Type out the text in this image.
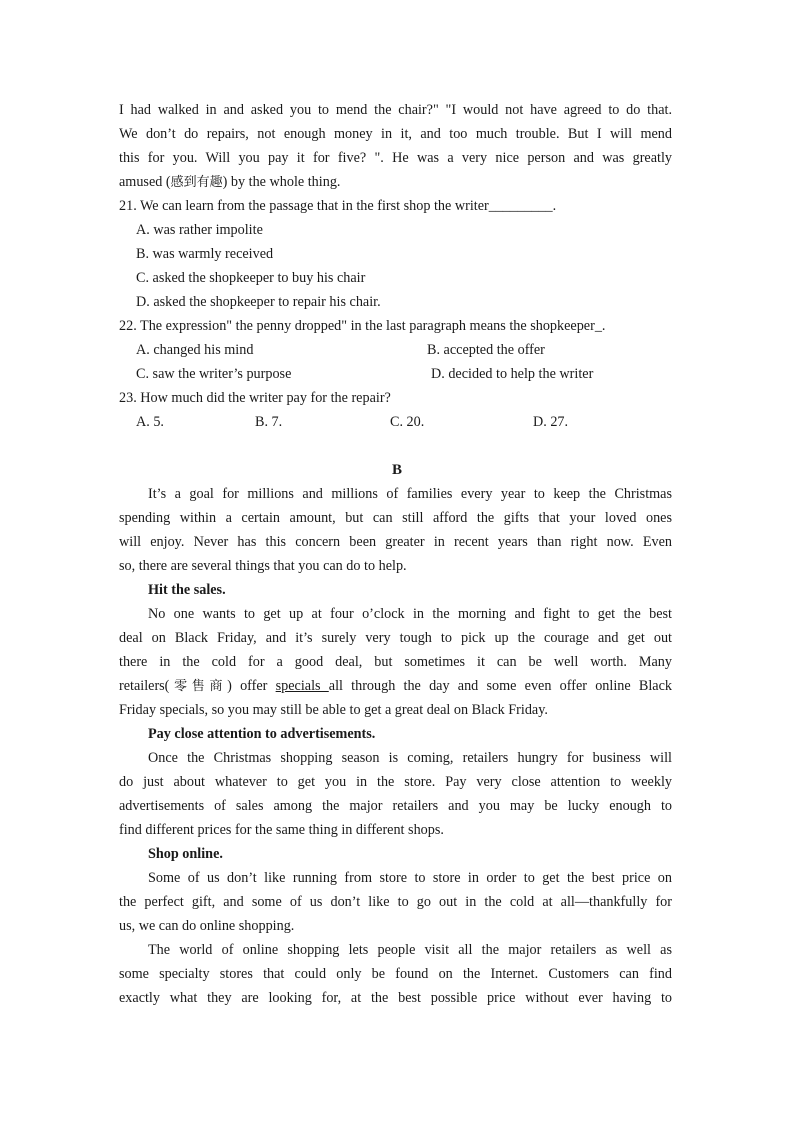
I had walked in and asked you to mend the chair?" "I would not have agreed to do that.
We don’t do repairs, not enough money in it, and too much trouble. But I will mend
this for you. Will you pay it for five? ". He was a very nice person and was greatly
amused (感到有趣) by the whole thing.
21. We can learn from the passage that in the first shop the writer_________.
A. was rather impolite
B. was warmly received
C. asked the shopkeeper to buy his chair
D. asked the shopkeeper to repair his chair.
22. The expression" the penny dropped" in the last paragraph means the shopkeeper_.
A. changed his mind	B. accepted the offer
C. saw the writer’s purpose	D. decided to help the writer
23. How much did the writer pay for the repair?
A. 5.	B. 7.	C. 20.	D. 27.
B
It’s a goal for millions and millions of families every year to keep the Christmas
spending within a certain amount, but can still afford the gifts that your loved ones
will enjoy. Never has this concern been greater in recent years than right now. Even
so, there are several things that you can do to help.
Hit the sales.
No one wants to get up at four o’clock in the morning and fight to get the best
deal on Black Friday, and it’s surely very tough to pick up the courage and get out
there in the cold for a good deal, but sometimes it can be well worth. Many
retailers(零售商) offer specials all through the day and some even offer online Black
Friday specials, so you may still be able to get a great deal on Black Friday.
Pay close attention to advertisements.
Once the Christmas shopping season is coming, retailers hungry for business will
do just about whatever to get you in the store. Pay very close attention to weekly
advertisements of sales among the major retailers and you may be lucky enough to
find different prices for the same thing in different shops.
Shop online.
Some of us don’t like running from store to store in order to get the best price on
the perfect gift, and some of us don’t like to go out in the cold at all—thankfully for
us, we can do online shopping.
The world of online shopping lets people visit all the major retailers as well as
some specialty stores that could only be found on the Internet. Customers can find
exactly what they are looking for, at the best possible price without ever having to
